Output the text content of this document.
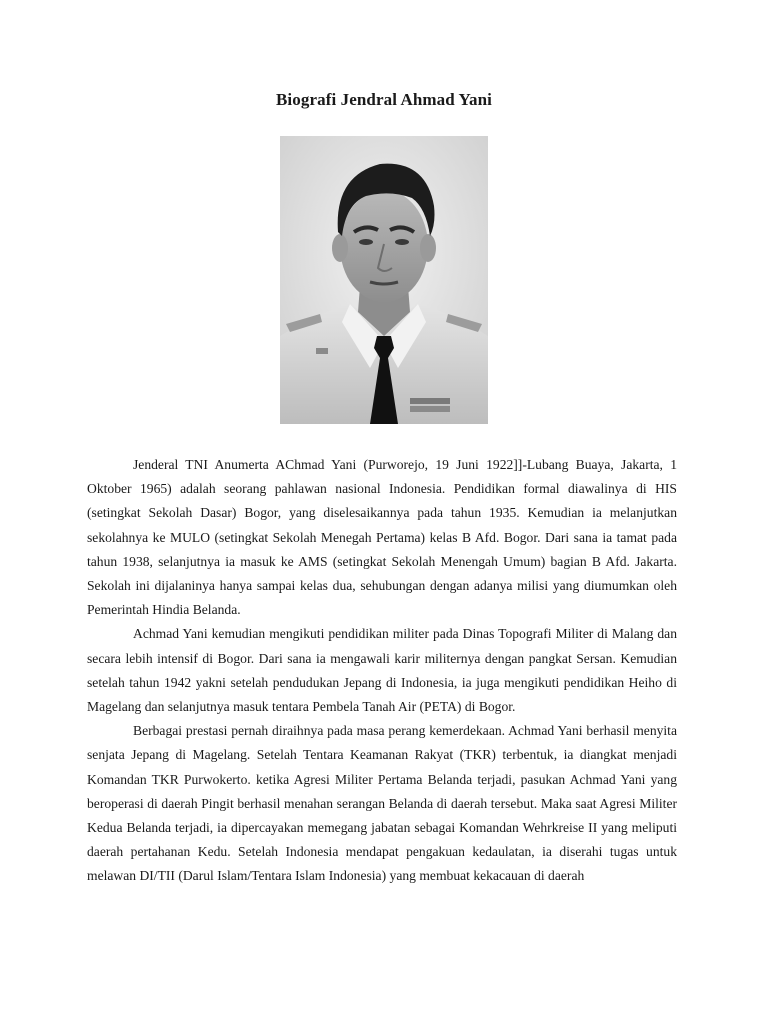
Biografi Jendral Ahmad Yani

Jenderal TNI Anumerta AChmad Yani (Purworejo, 19 Juni 1922]]-Lubang Buaya, Jakarta, 1 Oktober 1965) adalah seorang pahlawan nasional Indonesia. Pendidikan formal diawalinya di HIS (setingkat Sekolah Dasar) Bogor, yang diselesaikannya pada tahun 1935. Kemudian ia melanjutkan sekolahnya ke MULO (setingkat Sekolah Menegah Pertama) kelas B Afd. Bogor. Dari sana ia tamat pada tahun 1938, selanjutnya ia masuk ke AMS (setingkat Sekolah Menengah Umum) bagian B Afd. Jakarta. Sekolah ini dijalaninya hanya sampai kelas dua, sehubungan dengan adanya milisi yang diumumkan oleh Pemerintah Hindia Belanda.

Achmad Yani kemudian mengikuti pendidikan militer pada Dinas Topografi Militer di Malang dan secara lebih intensif di Bogor. Dari sana ia mengawali karir militernya dengan pangkat Sersan. Kemudian setelah tahun 1942 yakni setelah pendudukan Jepang di Indonesia, ia juga mengikuti pendidikan Heiho di Magelang dan selanjutnya masuk tentara Pembela Tanah Air (PETA) di Bogor.

Berbagai prestasi pernah diraihnya pada masa perang kemerdekaan. Achmad Yani berhasil menyita senjata Jepang di Magelang. Setelah Tentara Keamanan Rakyat (TKR) terbentuk, ia diangkat menjadi Komandan TKR Purwokerto. ketika Agresi Militer Pertama Belanda terjadi, pasukan Achmad Yani yang beroperasi di daerah Pingit berhasil menahan serangan Belanda di daerah tersebut. Maka saat Agresi Militer Kedua Belanda terjadi, ia dipercayakan memegang jabatan sebagai Komandan Wehrkreise II yang meliputi daerah pertahanan Kedu. Setelah Indonesia mendapat pengakuan kedaulatan, ia diserahi tugas untuk melawan DI/TII (Darul Islam/Tentara Islam Indonesia) yang membuat kekacauan di daerah
